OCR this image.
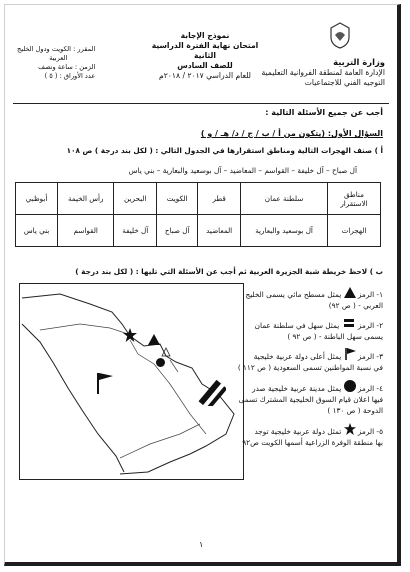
وزارة التربية
الإدارة العامة لمنطقة الفروانية التعليمية
التوجيه الفني للاجتماعيات
نموذج الإجابة
امتحان نهاية الفترة الدراسية الثانية
للصف السادس
للعام الدراسي ٢٠١٧ / ٢٠١٨م
المقرر : الكويت ودول الخليج
العربية
الزمن : ساعة ونصف
عدد الأوراق : ( ٥ )
أجب عن جميع الأسئلة التالية :
السؤال الأول: (يتكون من أ / ب / ج / د/ هـ / و )
أ ) صنف الهجرات التالية ومناطق استقرارها في الجدول التالي : ( لكل بند درجة ) ص ١٠٨
آل صباح – آل خليفة – القواسم – المعاضيد – آل بوسعيد والبعارية – بني ياس
مناطق الاستقرار	سلطنة عمان	قطر	الكويت	البحرين	رأس الخيمة	أبوظبي
الهجرات	آل بوسعيد والبعارية	المعاضيد	آل صباح	آل خليفة	القواسم	بني ياس
ب ) لاحظ خريطة شبة الجزيرة العربية ثم أجب عن الأسئلة التي تليها : ( لكل بند درجة )
١- الرمز  يمثل مسطح مائي يسمى الخليج
العربي - ( ص ٩٢)
٢- الرمز  يمثل سهل في سلطنة عمان
يسمى سهل الباطنة - ( ص ٩٢ )
٣- الرمز  يمثل أعلى دولة عربية خليجية
في نسبة المواطنين تسمى السعودية ( ص ١١٢ )
٤- الرمز  يمثل مدينة عربية خليجية صدر
فيها اعلان قيام السوق الخليجية المشترك تسمى
الدوحة ( ص ١٣٠ )
٥- الرمز  تمثل دولة عربية خليجية توجد
بها منطقة الوفرة الزراعية أسمها الكويت ص٩٢
١
